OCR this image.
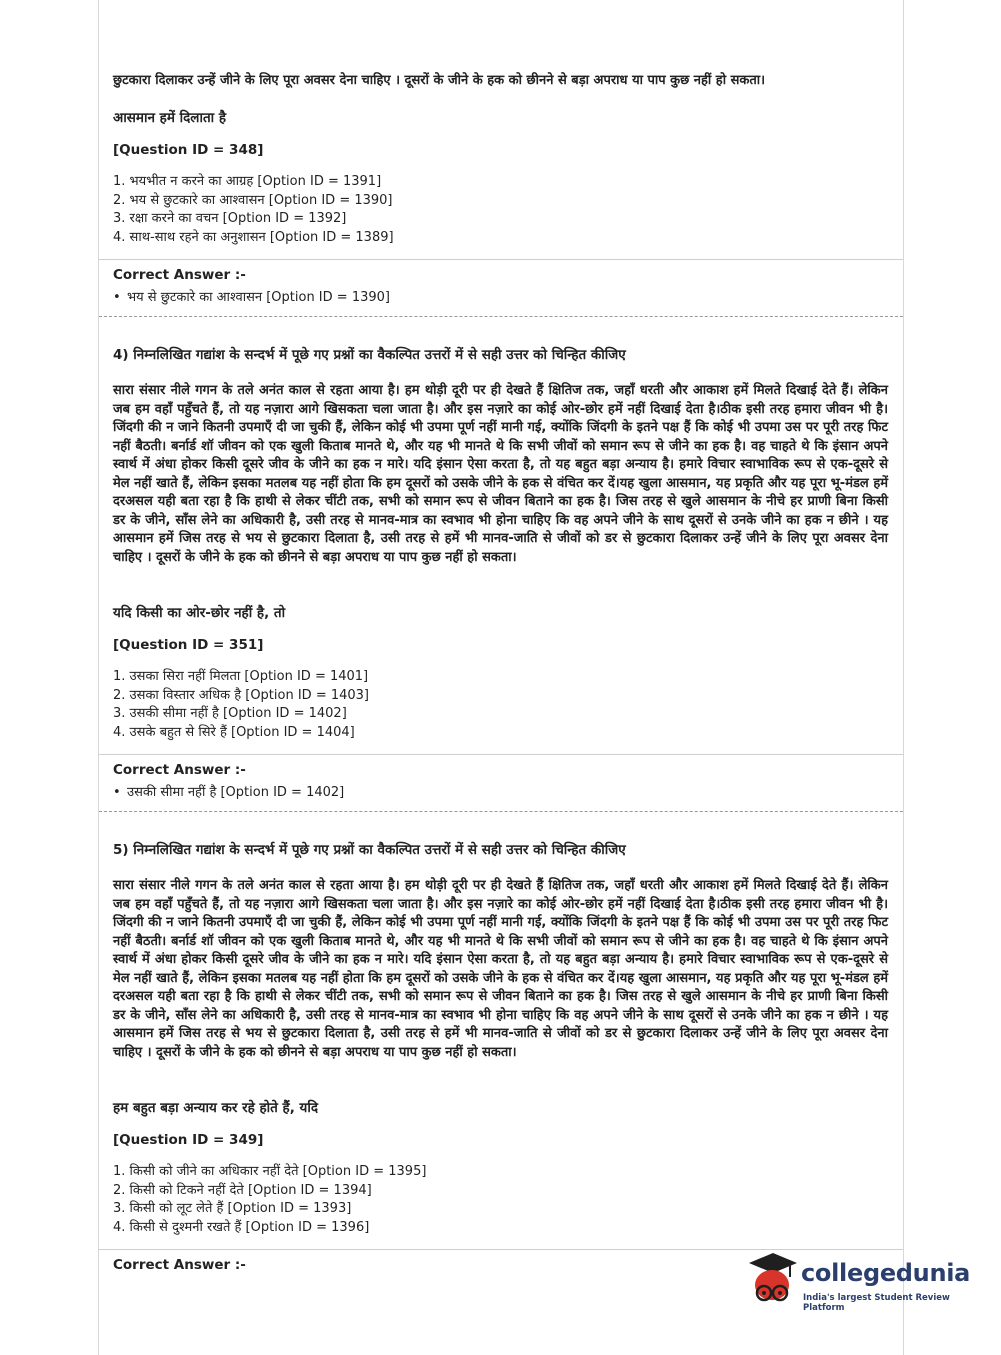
छुटकारा दिलाकर उन्हें जीने के लिए पूरा अवसर देना चाहिए । दूसरों के जीने के हक को छीनने से बड़ा अपराध या पाप कुछ नहीं हो सकता।

आसमान हमें दिलाता है

[Question ID = 348]

1. भयभीत न करने का आग्रह [Option ID = 1391]
2. भय से छुटकारे का आश्वासन [Option ID = 1390]
3. रक्षा करने का वचन [Option ID = 1392]
4. साथ-साथ रहने का अनुशासन [Option ID = 1389]

Correct Answer :-

• भय से छुटकारे का आश्वासन [Option ID = 1390]

4) निम्नलिखित गद्यांश के सन्दर्भ में पूछे गए प्रश्नों का वैकल्पित उत्तरों में से सही उत्तर को चिन्हित कीजिए

सारा संसार नीले गगन के तले अनंत काल से रहता आया है। हम थोड़ी दूरी पर ही देखते हैं क्षितिज तक, जहाँ धरती और आकाश हमें मिलते दिखाई देते हैं। लेकिन जब हम वहाँ पहुँचते हैं, तो यह नज़ारा आगे खिसकता चला जाता है। और इस नज़ारे का कोई ओर-छोर हमें नहीं दिखाई देता है।ठीक इसी तरह हमारा जीवन भी है। जिंदगी की न जाने कितनी उपमाएँ दी जा चुकी हैं, लेकिन कोई भी उपमा पूर्ण नहीं मानी गई, क्योंकि जिंदगी के इतने पक्ष हैं कि कोई भी उपमा उस पर पूरी तरह फिट नहीं बैठती। बर्नार्ड शॉ जीवन को एक खुली किताब मानते थे, और यह भी मानते थे कि सभी जीवों को समान रूप से जीने का हक है। वह चाहते थे कि इंसान अपने स्वार्थ में अंधा होकर किसी दूसरे जीव के जीने का हक न मारे। यदि इंसान ऐसा करता है, तो यह बहुत बड़ा अन्याय है। हमारे विचार स्वाभाविक रूप से एक-दूसरे से मेल नहीं खाते हैं, लेकिन इसका मतलब यह नहीं होता कि हम दूसरों को उसके जीने के हक से वंचित कर दें।यह खुला आसमान, यह प्रकृति और यह पूरा भू-मंडल हमें दरअसल यही बता रहा है कि हाथी से लेकर चींटी तक, सभी को समान रूप से जीवन बिताने का हक है। जिस तरह से खुले आसमान के नीचे हर प्राणी बिना किसी डर के जीने, साँस लेने का अधिकारी है, उसी तरह से मानव-मात्र का स्वभाव भी होना चाहिए कि वह अपने जीने के साथ दूसरों से उनके जीने का हक न छीने । यह आसमान हमें जिस तरह से भय से छुटकारा दिलाता है, उसी तरह से हमें भी मानव-जाति से जीवों को डर से छुटकारा दिलाकर उन्हें जीने के लिए पूरा अवसर देना चाहिए । दूसरों के जीने के हक को छीनने से बड़ा अपराध या पाप कुछ नहीं हो सकता।

यदि किसी का ओर-छोर नहीं है, तो

[Question ID = 351]

1. उसका सिरा नहीं मिलता [Option ID = 1401]
2. उसका विस्तार अधिक है [Option ID = 1403]
3. उसकी सीमा नहीं है [Option ID = 1402]
4. उसके बहुत से सिरे हैं [Option ID = 1404]

Correct Answer :-

• उसकी सीमा नहीं है [Option ID = 1402]

5) निम्नलिखित गद्यांश के सन्दर्भ में पूछे गए प्रश्नों का वैकल्पित उत्तरों में से सही उत्तर को चिन्हित कीजिए

सारा संसार नीले गगन के तले अनंत काल से रहता आया है। हम थोड़ी दूरी पर ही देखते हैं क्षितिज तक, जहाँ धरती और आकाश हमें मिलते दिखाई देते हैं। लेकिन जब हम वहाँ पहुँचते हैं, तो यह नज़ारा आगे खिसकता चला जाता है। और इस नज़ारे का कोई ओर-छोर हमें नहीं दिखाई देता है।ठीक इसी तरह हमारा जीवन भी है। जिंदगी की न जाने कितनी उपमाएँ दी जा चुकी हैं, लेकिन कोई भी उपमा पूर्ण नहीं मानी गई, क्योंकि जिंदगी के इतने पक्ष हैं कि कोई भी उपमा उस पर पूरी तरह फिट नहीं बैठती। बर्नार्ड शॉ जीवन को एक खुली किताब मानते थे, और यह भी मानते थे कि सभी जीवों को समान रूप से जीने का हक है। वह चाहते थे कि इंसान अपने स्वार्थ में अंधा होकर किसी दूसरे जीव के जीने का हक न मारे। यदि इंसान ऐसा करता है, तो यह बहुत बड़ा अन्याय है। हमारे विचार स्वाभाविक रूप से एक-दूसरे से मेल नहीं खाते हैं, लेकिन इसका मतलब यह नहीं होता कि हम दूसरों को उसके जीने के हक से वंचित कर दें।यह खुला आसमान, यह प्रकृति और यह पूरा भू-मंडल हमें दरअसल यही बता रहा है कि हाथी से लेकर चींटी तक, सभी को समान रूप से जीवन बिताने का हक है। जिस तरह से खुले आसमान के नीचे हर प्राणी बिना किसी डर के जीने, साँस लेने का अधिकारी है, उसी तरह से मानव-मात्र का स्वभाव भी होना चाहिए कि वह अपने जीने के साथ दूसरों से उनके जीने का हक न छीने । यह आसमान हमें जिस तरह से भय से छुटकारा दिलाता है, उसी तरह से हमें भी मानव-जाति से जीवों को डर से छुटकारा दिलाकर उन्हें जीने के लिए पूरा अवसर देना चाहिए । दूसरों के जीने के हक को छीनने से बड़ा अपराध या पाप कुछ नहीं हो सकता।

हम बहुत बड़ा अन्याय कर रहे होते हैं, यदि

[Question ID = 349]

1. किसी को जीने का अधिकार नहीं देते [Option ID = 1395]
2. किसी को टिकने नहीं देते [Option ID = 1394]
3. किसी को लूट लेते हैं [Option ID = 1393]
4. किसी से दुश्मनी रखते हैं [Option ID = 1396]

Correct Answer :-	collegedunia
India's largest Student Review Platform
